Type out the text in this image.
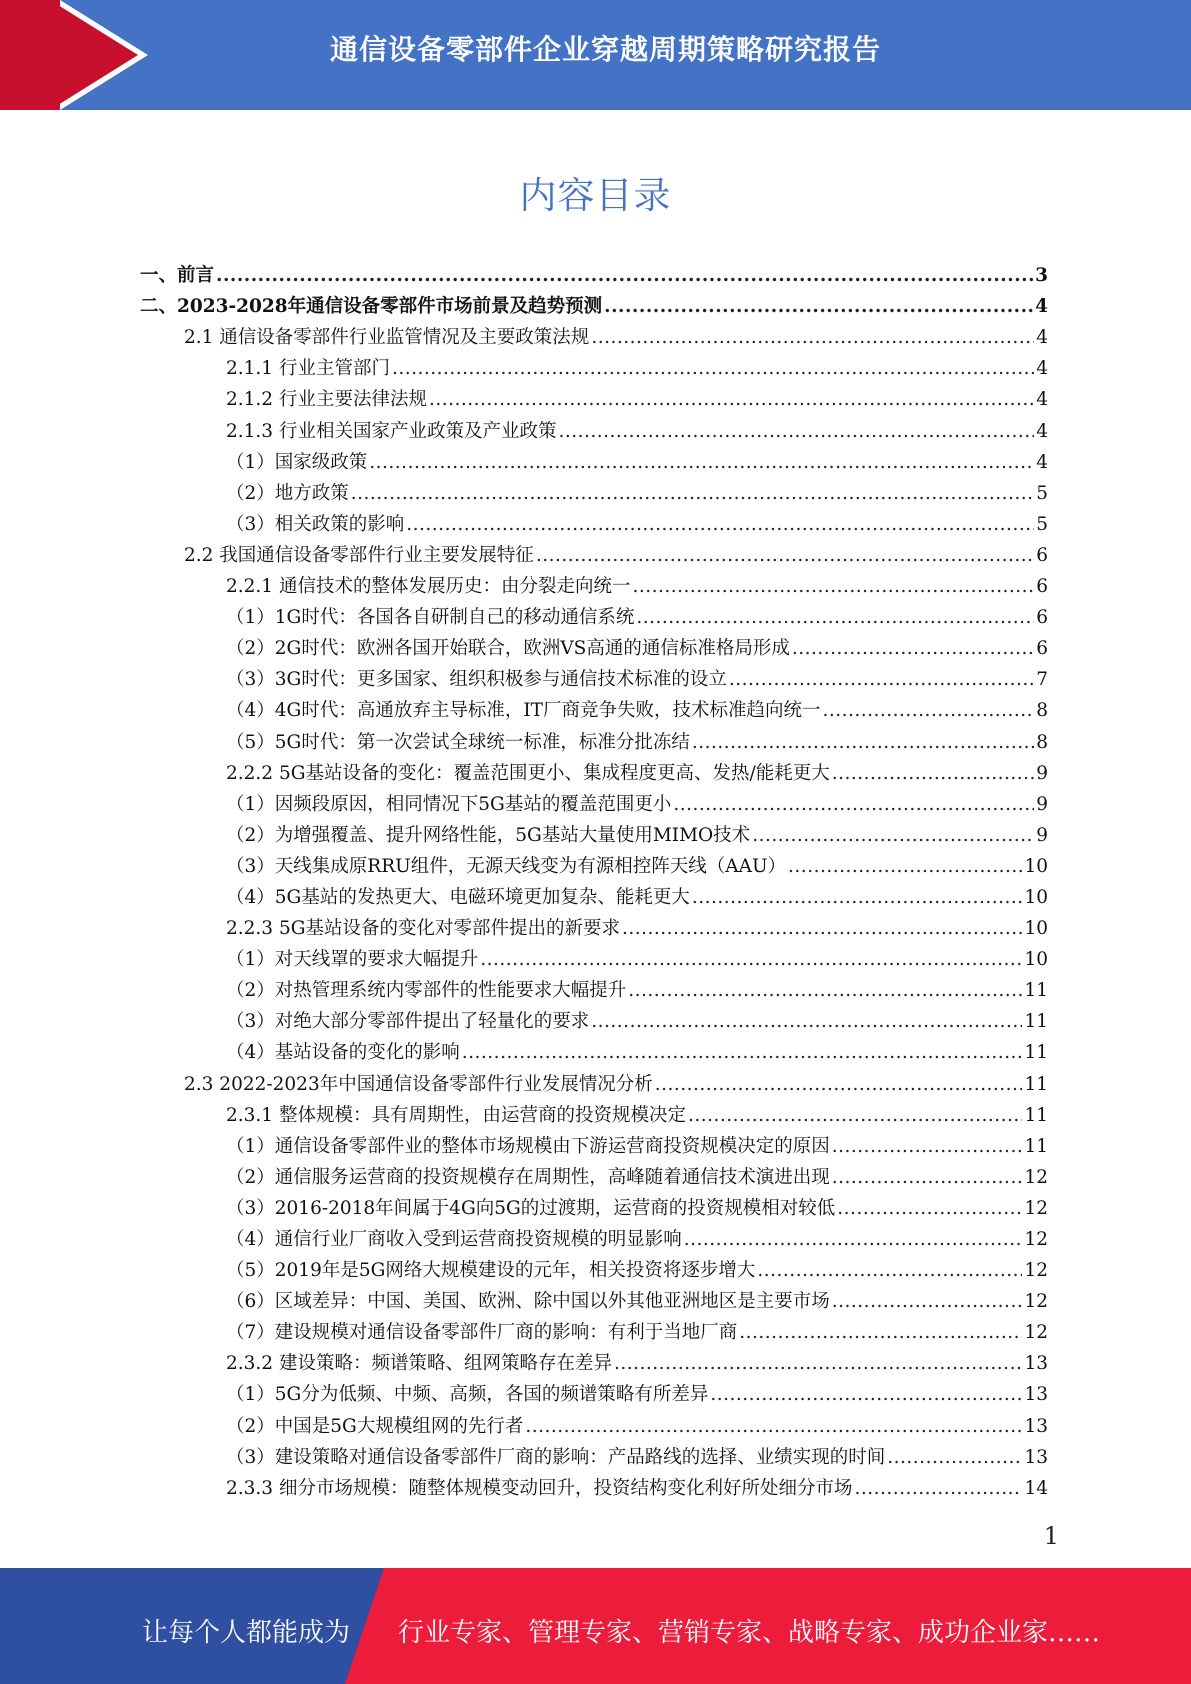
通信设备零部件企业穿越周期策略研究报告
内容目录
一、前言 .....	3
二、2023-2028年通信设备零部件市场前景及趋势预测 .....	4
2.1 通信设备零部件行业监管情况及主要政策法规 .....	4
2.1.1 行业主管部门 .....	4
2.1.2 行业主要法律法规 .....	4
2.1.3 行业相关国家产业政策及产业政策 .....	4
（1）国家级政策 .....	4
（2）地方政策 .....	5
（3）相关政策的影响 .....	5
2.2 我国通信设备零部件行业主要发展特征 .....	6
2.2.1 通信技术的整体发展历史：由分裂走向统一 .....	6
（1）1G时代：各国各自研制自己的移动通信系统 .....	6
（2）2G时代：欧洲各国开始联合，欧洲VS高通的通信标准格局形成 .....	6
（3）3G时代：更多国家、组织积极参与通信技术标准的设立 .....	7
（4）4G时代：高通放弃主导标准，IT厂商竞争失败，技术标准趋向统一 .....	8
（5）5G时代：第一次尝试全球统一标准，标准分批冻结 .....	8
2.2.2 5G基站设备的变化：覆盖范围更小、集成程度更高、发热/能耗更大 .....	9
（1）因频段原因，相同情况下5G基站的覆盖范围更小 .....	9
（2）为增强覆盖、提升网络性能，5G基站大量使用MIMO技术 .....	9
（3）天线集成原RRU组件，无源天线变为有源相控阵天线（AAU） .....	10
（4）5G基站的发热更大、电磁环境更加复杂、能耗更大 .....	10
2.2.3 5G基站设备的变化对零部件提出的新要求 .....	10
（1）对天线罩的要求大幅提升 .....	10
（2）对热管理系统内零部件的性能要求大幅提升 .....	11
（3）对绝大部分零部件提出了轻量化的要求 .....	11
（4）基站设备的变化的影响 .....	11
2.3 2022-2023年中国通信设备零部件行业发展情况分析 .....	11
2.3.1 整体规模：具有周期性，由运营商的投资规模决定 .....	11
（1）通信设备零部件业的整体市场规模由下游运营商投资规模决定的原因 .....	11
（2）通信服务运营商的投资规模存在周期性，高峰随着通信技术演进出现 .....	12
（3）2016-2018年间属于4G向5G的过渡期，运营商的投资规模相对较低 .....	12
（4）通信行业厂商收入受到运营商投资规模的明显影响 .....	12
（5）2019年是5G网络大规模建设的元年，相关投资将逐步增大 .....	12
（6）区域差异：中国、美国、欧洲、除中国以外其他亚洲地区是主要市场 .....	12
（7）建设规模对通信设备零部件厂商的影响：有利于当地厂商 .....	12
2.3.2 建设策略：频谱策略、组网策略存在差异 .....	13
（1）5G分为低频、中频、高频，各国的频谱策略有所差异 .....	13
（2）中国是5G大规模组网的先行者 .....	13
（3）建设策略对通信设备零部件厂商的影响：产品路线的选择、业绩实现的时间 .....	13
2.3.3 细分市场规模：随整体规模变动回升，投资结构变化利好所处细分市场 .....	14
1
让每个人都能成为 行业专家、管理专家、营销专家、战略专家、成功企业家……
